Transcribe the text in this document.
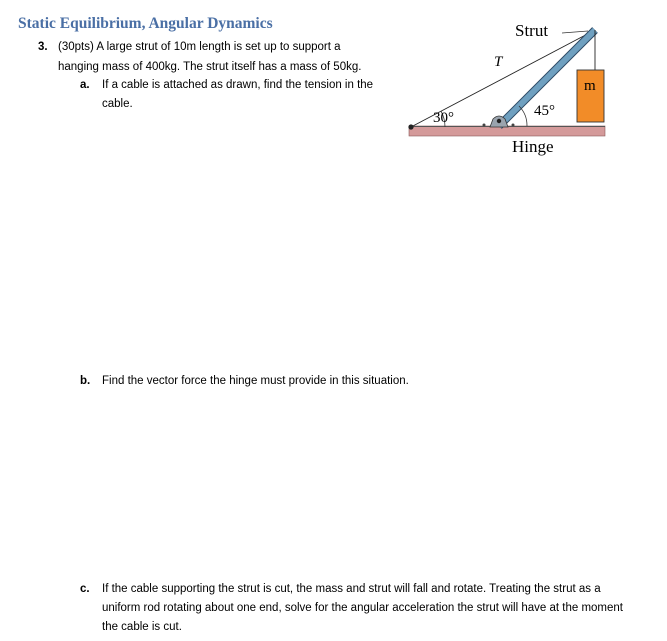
Static Equilibrium, Angular Dynamics
3. (30pts) A large strut of 10m length is set up to support a
hanging mass of 400kg. The strut itself has a mass of 50kg.
a. If a cable is attached as drawn, find the tension in the
cable.
b. Find the vector force the hinge must provide in this situation.
c. If the cable supporting the strut is cut, the mass and strut will fall and rotate. Treating the strut as a
uniform rod rotating about one end, solve for the angular acceleration the strut will have at the moment
the cable is cut.
Strut
T
m
30°	45°
Hinge
